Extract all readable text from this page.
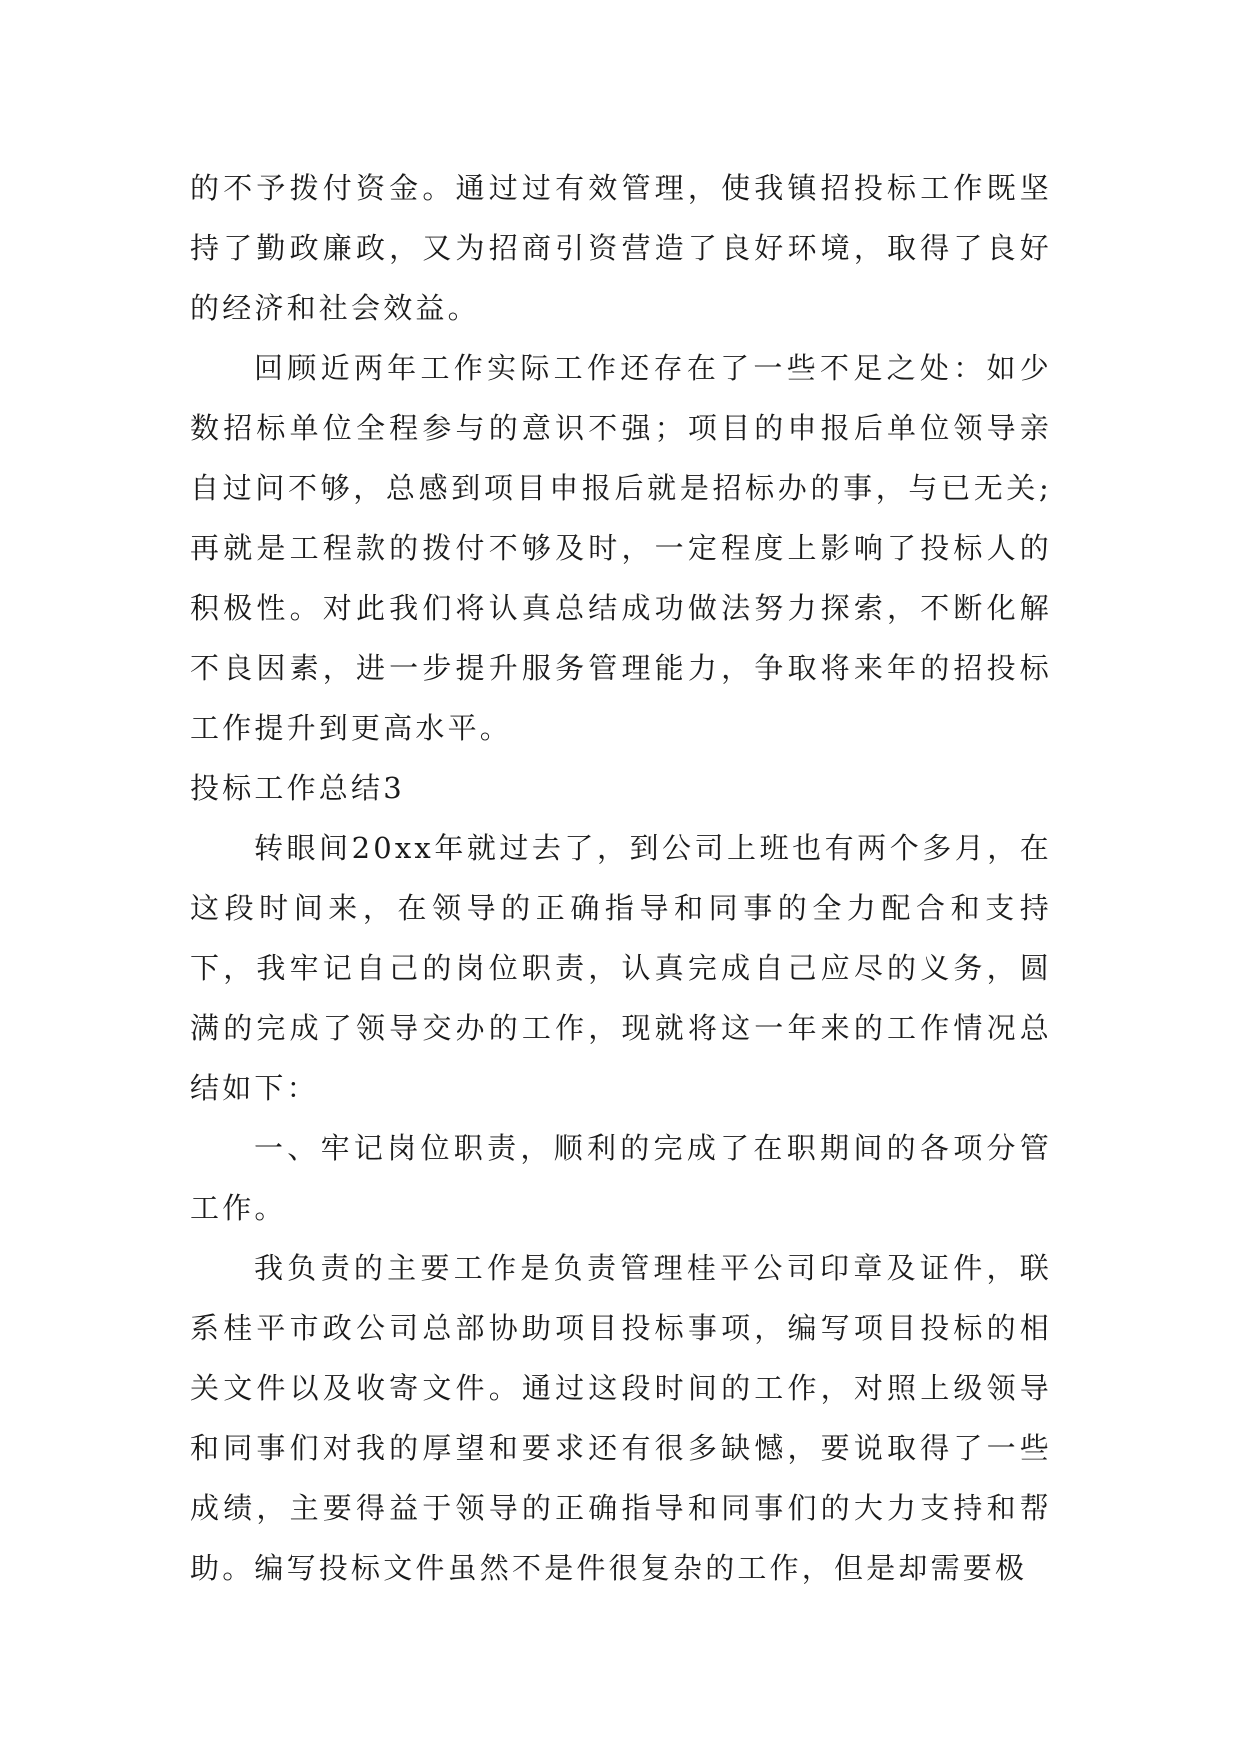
的不予拨付资金。通过过有效管理，使我镇招投标工作既坚持了勤政廉政，又为招商引资营造了良好环境，取得了良好的经济和社会效益。

回顾近两年工作实际工作还存在了一些不足之处：如少数招标单位全程参与的意识不强；项目的申报后单位领导亲自过问不够，总感到项目申报后就是招标办的事，与已无关;再就是工程款的拨付不够及时，一定程度上影响了投标人的积极性。对此我们将认真总结成功做法努力探索，不断化解不良因素，进一步提升服务管理能力，争取将来年的招投标工作提升到更高水平。

投标工作总结3

转眼间20xx年就过去了，到公司上班也有两个多月，在这段时间来，在领导的正确指导和同事的全力配合和支持下，我牢记自己的岗位职责，认真完成自己应尽的义务，圆满的完成了领导交办的工作，现就将这一年来的工作情况总结如下：

一、牢记岗位职责，顺利的完成了在职期间的各项分管工作。

我负责的主要工作是负责管理桂平公司印章及证件，联系桂平市政公司总部协助项目投标事项，编写项目投标的相关文件以及收寄文件。通过这段时间的工作，对照上级领导和同事们对我的厚望和要求还有很多缺憾，要说取得了一些成绩，主要得益于领导的正确指导和同事们的大力支持和帮助。编写投标文件虽然不是件很复杂的工作，但是却需要极
